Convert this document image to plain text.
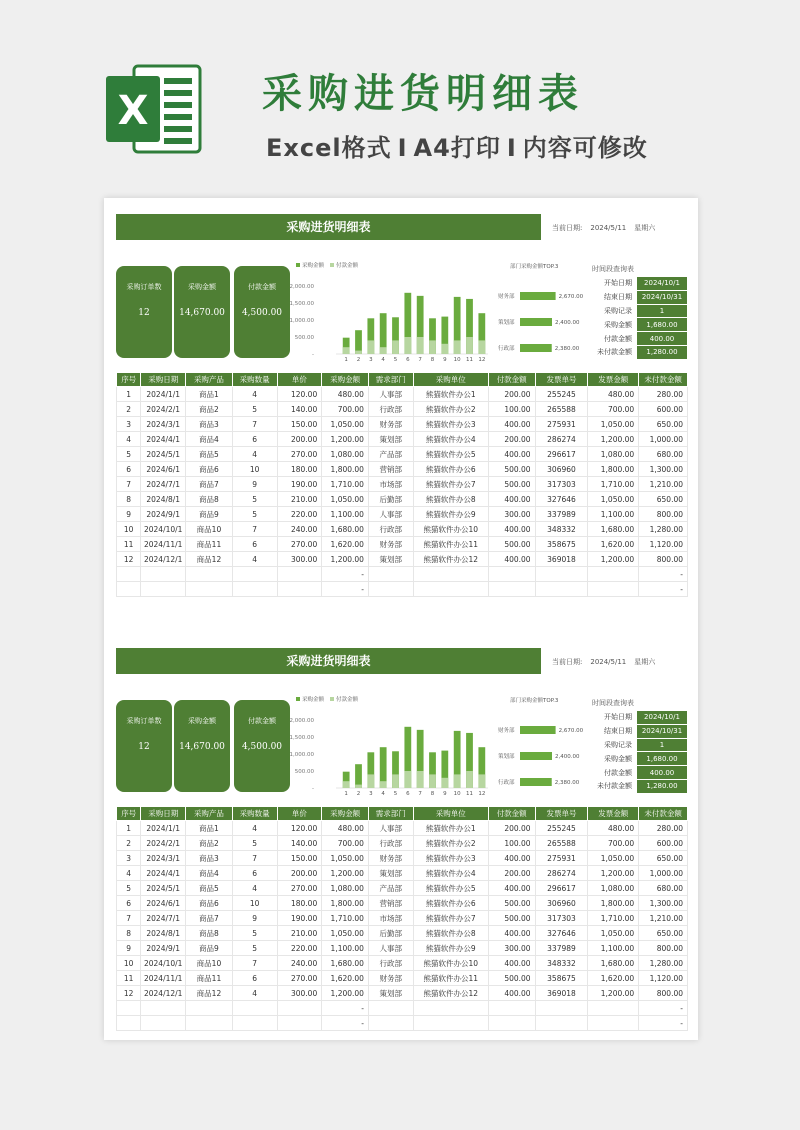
X	采购进货明细表
Excel格式 I A4打印 I 内容可修改
采购进货明细表	当前日期: 2024/5/11 星期六
采购订单数
12
采购金额
14,670.00
付款金额
4,500.00
采购金额 付款金额
-
500.00
1,000.00
1,500.00
2,000.00
1 2 3 4 5 6 7 8 9 10 11 12
部门采购金额TOP.3
财务部	2,670.00
策划部	2,400.00
行政部	2,380.00
时间段查询表
开始日期	2024/10/1
结束日期	2024/10/31
采购记录	1
采购金额	1,680.00
付款金额	400.00
未付款金额	1,280.00
序号	采购日期	采购产品	采购数量	单价	采购金额	需求部门	采购单位	付款金额	发票单号	发票金额	未付款金额
1	2024/1/1	商品1	4	120.00	480.00	人事部	熊猫软件办公1	200.00	255245	480.00	280.00
2	2024/2/1	商品2	5	140.00	700.00	行政部	熊猫软件办公2	100.00	265588	700.00	600.00
3	2024/3/1	商品3	7	150.00	1,050.00	财务部	熊猫软件办公3	400.00	275931	1,050.00	650.00
4	2024/4/1	商品4	6	200.00	1,200.00	策划部	熊猫软件办公4	200.00	286274	1,200.00	1,000.00
5	2024/5/1	商品5	4	270.00	1,080.00	产品部	熊猫软件办公5	400.00	296617	1,080.00	680.00
6	2024/6/1	商品6	10	180.00	1,800.00	营销部	熊猫软件办公6	500.00	306960	1,800.00	1,300.00
7	2024/7/1	商品7	9	190.00	1,710.00	市场部	熊猫软件办公7	500.00	317303	1,710.00	1,210.00
8	2024/8/1	商品8	5	210.00	1,050.00	后勤部	熊猫软件办公8	400.00	327646	1,050.00	650.00
9	2024/9/1	商品9	5	220.00	1,100.00	人事部	熊猫软件办公9	300.00	337989	1,100.00	800.00
10	2024/10/1	商品10	7	240.00	1,680.00	行政部	熊猫软件办公10	400.00	348332	1,680.00	1,280.00
11	2024/11/1	商品11	6	270.00	1,620.00	财务部	熊猫软件办公11	500.00	358675	1,620.00	1,120.00
12	2024/12/1	商品12	4	300.00	1,200.00	策划部	熊猫软件办公12	400.00	369018	1,200.00	800.00
					-						-
					-						-
采购进货明细表	当前日期: 2024/5/11 星期六
采购订单数
12
采购金额
14,670.00
付款金额
4,500.00
采购金额 付款金额
-
500.00
1,000.00
1,500.00
2,000.00
1 2 3 4 5 6 7 8 9 10 11 12
部门采购金额TOP.3
财务部	2,670.00
策划部	2,400.00
行政部	2,380.00
时间段查询表
开始日期	2024/10/1
结束日期	2024/10/31
采购记录	1
采购金额	1,680.00
付款金额	400.00
未付款金额	1,280.00
序号	采购日期	采购产品	采购数量	单价	采购金额	需求部门	采购单位	付款金额	发票单号	发票金额	未付款金额
1	2024/1/1	商品1	4	120.00	480.00	人事部	熊猫软件办公1	200.00	255245	480.00	280.00
2	2024/2/1	商品2	5	140.00	700.00	行政部	熊猫软件办公2	100.00	265588	700.00	600.00
3	2024/3/1	商品3	7	150.00	1,050.00	财务部	熊猫软件办公3	400.00	275931	1,050.00	650.00
4	2024/4/1	商品4	6	200.00	1,200.00	策划部	熊猫软件办公4	200.00	286274	1,200.00	1,000.00
5	2024/5/1	商品5	4	270.00	1,080.00	产品部	熊猫软件办公5	400.00	296617	1,080.00	680.00
6	2024/6/1	商品6	10	180.00	1,800.00	营销部	熊猫软件办公6	500.00	306960	1,800.00	1,300.00
7	2024/7/1	商品7	9	190.00	1,710.00	市场部	熊猫软件办公7	500.00	317303	1,710.00	1,210.00
8	2024/8/1	商品8	5	210.00	1,050.00	后勤部	熊猫软件办公8	400.00	327646	1,050.00	650.00
9	2024/9/1	商品9	5	220.00	1,100.00	人事部	熊猫软件办公9	300.00	337989	1,100.00	800.00
10	2024/10/1	商品10	7	240.00	1,680.00	行政部	熊猫软件办公10	400.00	348332	1,680.00	1,280.00
11	2024/11/1	商品11	6	270.00	1,620.00	财务部	熊猫软件办公11	500.00	358675	1,620.00	1,120.00
12	2024/12/1	商品12	4	300.00	1,200.00	策划部	熊猫软件办公12	400.00	369018	1,200.00	800.00
					-						-
					-						-
